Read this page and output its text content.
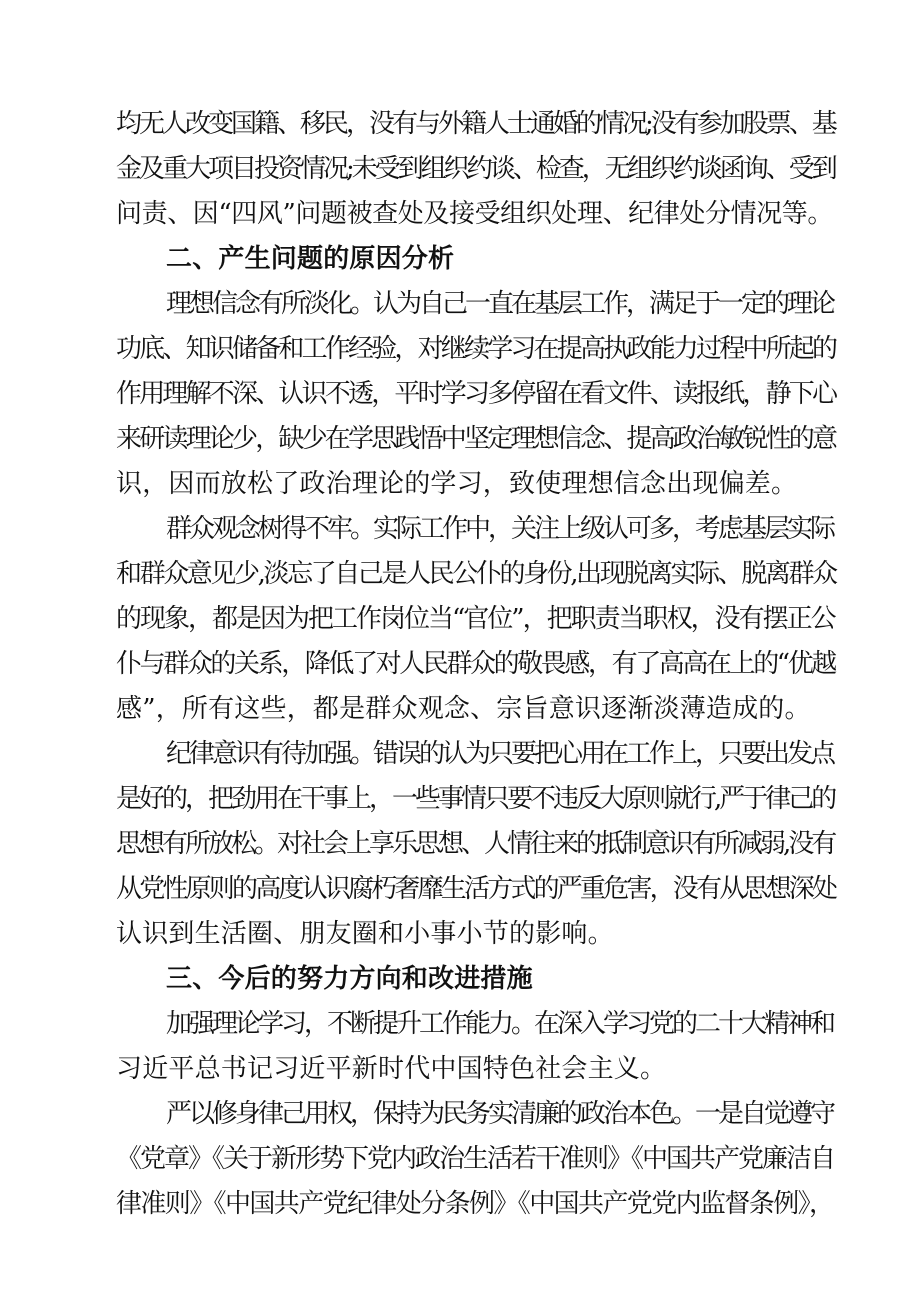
均无人改变国籍、移民，没有与外籍人士通婚的情况;没有参加股票、基
金及重大项目投资情况;未受到组织约谈、检查，无组织约谈函询、受到
问责、因“四风”问题被查处及接受组织处理、纪律处分情况等。
二、产生问题的原因分析
理想信念有所淡化。认为自己一直在基层工作，满足于一定的理论
功底、知识储备和工作经验，对继续学习在提高执政能力过程中所起的
作用理解不深、认识不透，平时学习多停留在看文件、读报纸，静下心
来研读理论少，缺少在学思践悟中坚定理想信念、提高政治敏锐性的意
识，因而放松了政治理论的学习，致使理想信念出现偏差。
群众观念树得不牢。实际工作中，关注上级认可多，考虑基层实际
和群众意见少,淡忘了自己是人民公仆的身份,出现脱离实际、脱离群众
的现象，都是因为把工作岗位当“官位”，把职责当职权，没有摆正公
仆与群众的关系，降低了对人民群众的敬畏感，有了高高在上的“优越
感”，所有这些，都是群众观念、宗旨意识逐渐淡薄造成的。
纪律意识有待加强。错误的认为只要把心用在工作上，只要出发点
是好的，把劲用在干事上，一些事情只要不违反大原则就行,严于律己的
思想有所放松。对社会上享乐思想、人情往来的抵制意识有所减弱,没有
从党性原则的高度认识腐朽奢靡生活方式的严重危害，没有从思想深处
认识到生活圈、朋友圈和小事小节的影响。
三、今后的努力方向和改进措施
加强理论学习，不断提升工作能力。在深入学习党的二十大精神和
习近平总书记习近平新时代中国特色社会主义。
严以修身律己用权，保持为民务实清廉的政治本色。一是自觉遵守
《党章》《关于新形势下党内政治生活若干准则》《中国共产党廉洁自
律准则》《中国共产党纪律处分条例》《中国共产党党内监督条例》，
